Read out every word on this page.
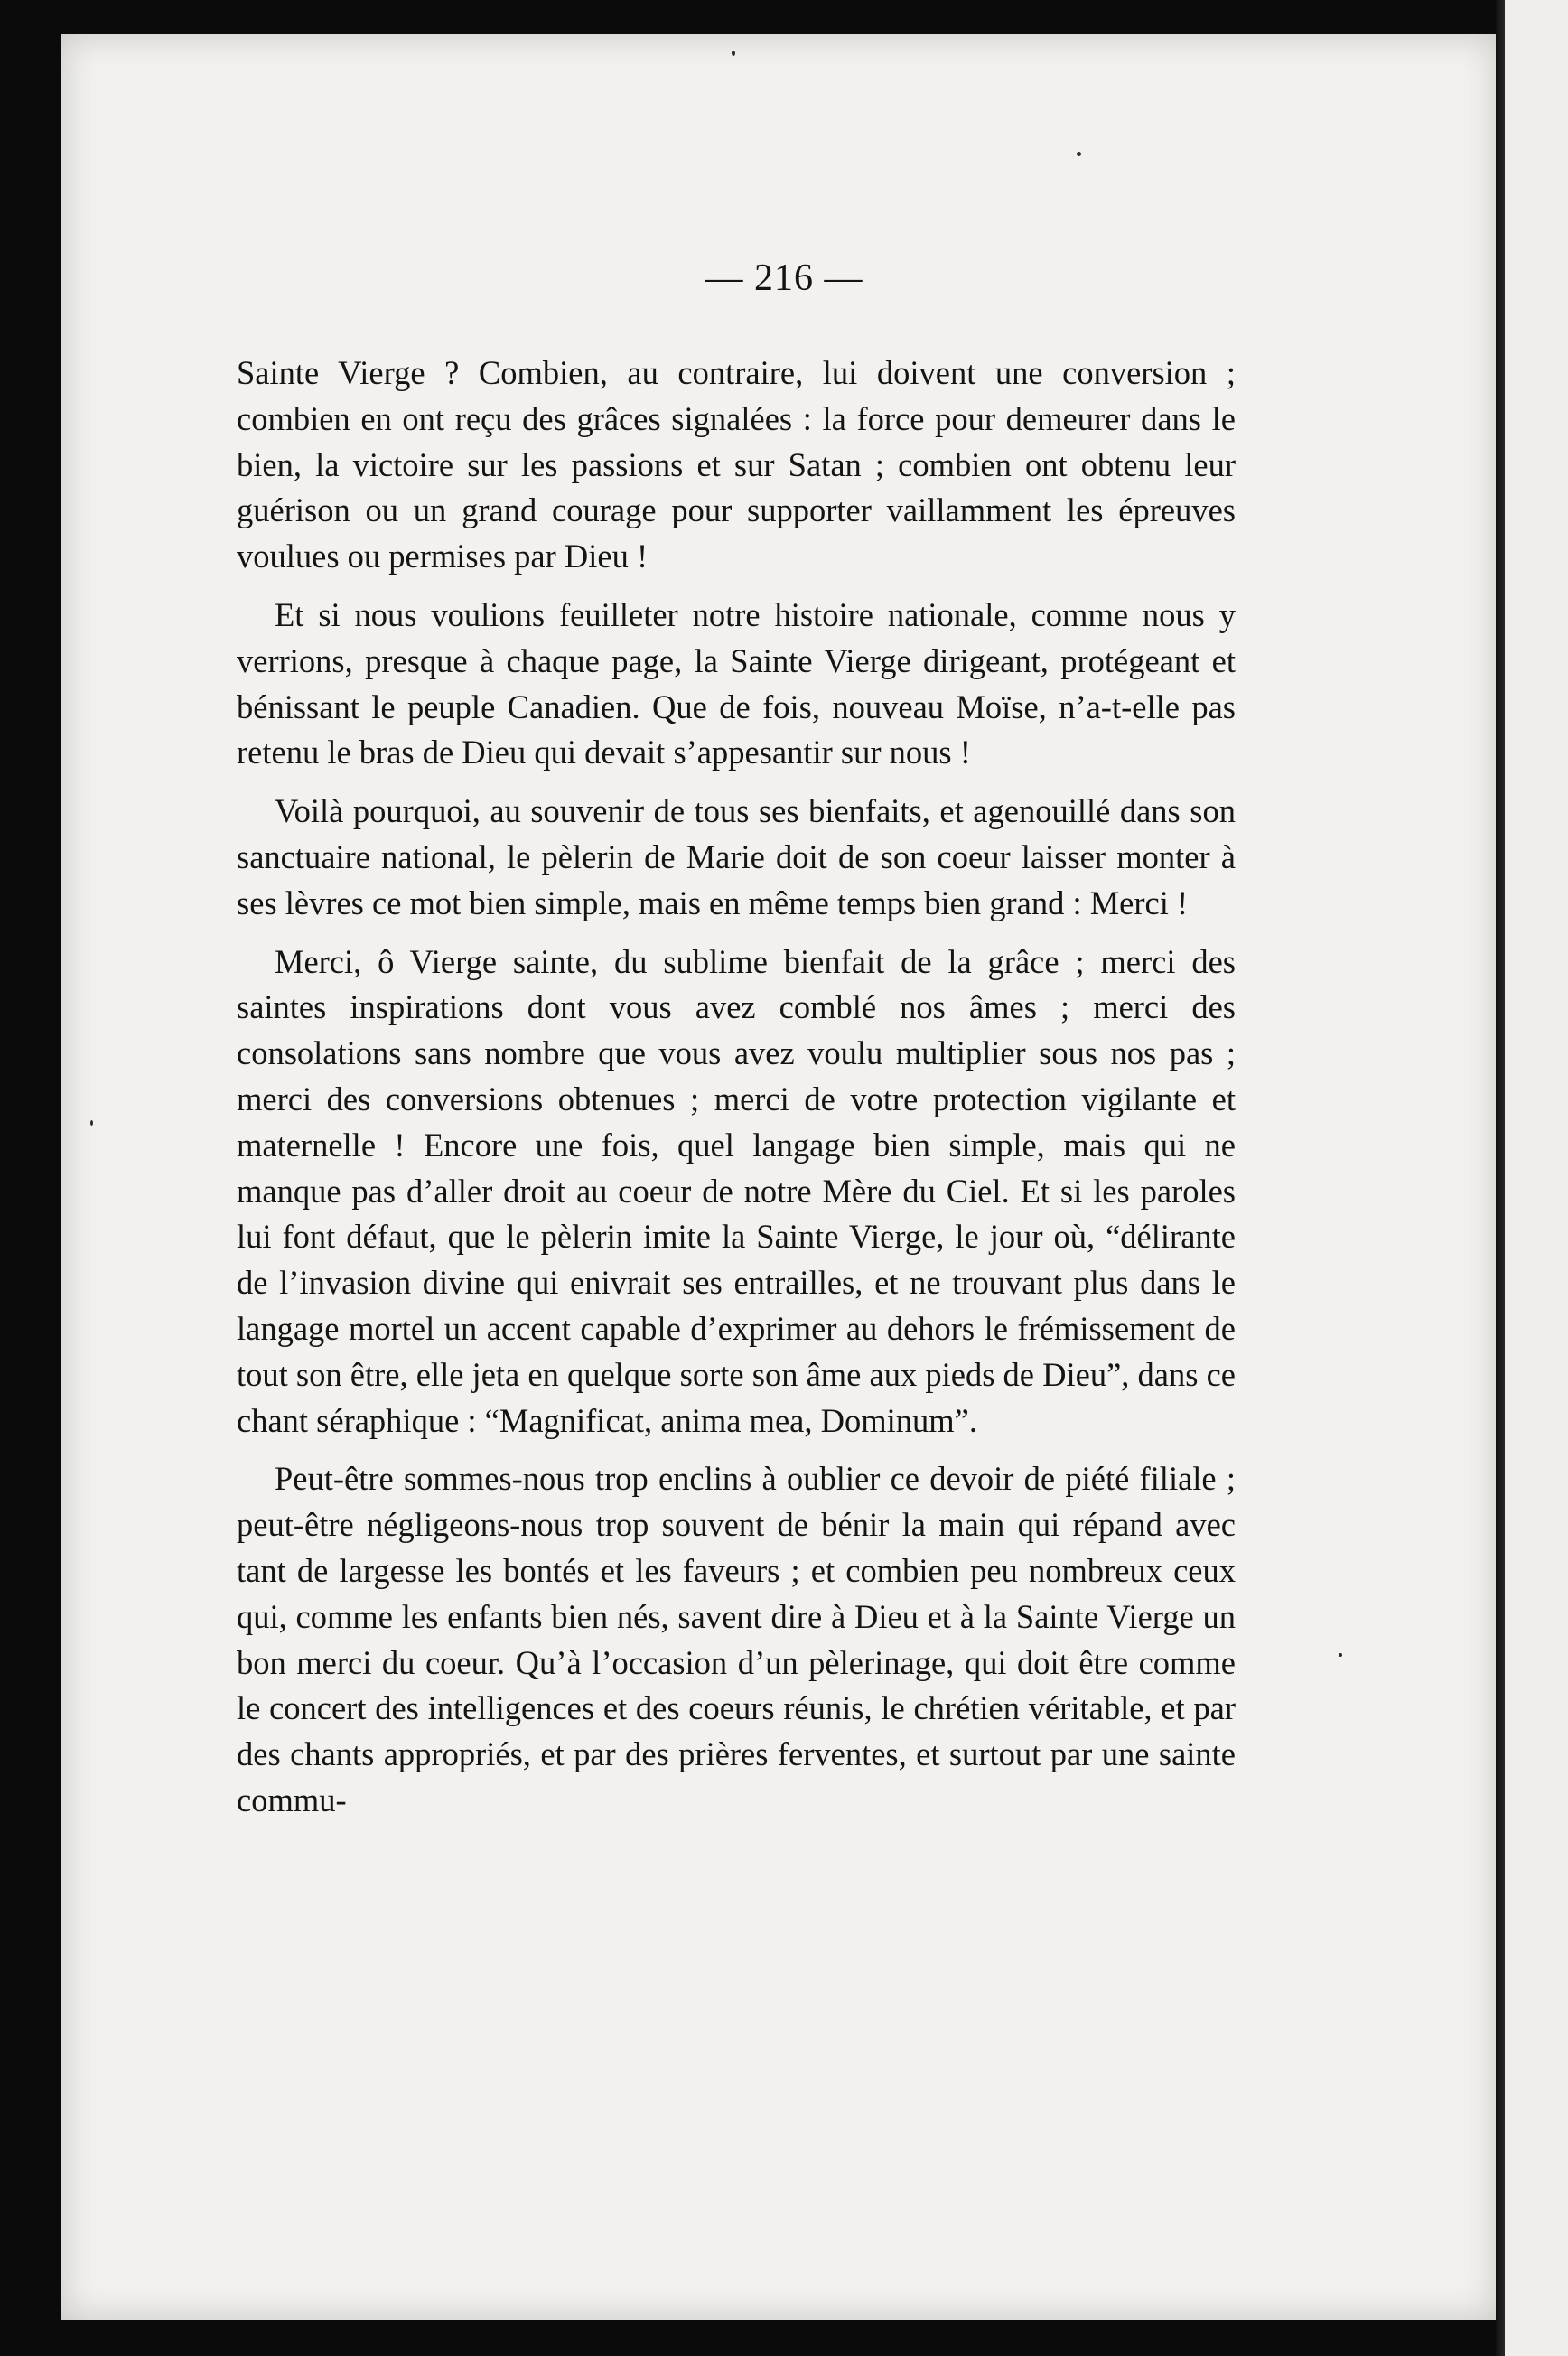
— 216 —

Sainte Vierge ? Combien, au contraire, lui doivent une conversion ; combien en ont reçu des grâces signalées : la force pour demeurer dans le bien, la victoire sur les passions et sur Satan ; combien ont obtenu leur guérison ou un grand courage pour supporter vaillamment les épreuves voulues ou permises par Dieu !

Et si nous voulions feuilleter notre histoire nationale, comme nous y verrions, presque à chaque page, la Sainte Vierge dirigeant, protégeant et bénissant le peuple Canadien. Que de fois, nouveau Moïse, n’a-t-elle pas retenu le bras de Dieu qui devait s’appesantir sur nous !

Voilà pourquoi, au souvenir de tous ses bienfaits, et agenouillé dans son sanctuaire national, le pèlerin de Marie doit de son coeur laisser monter à ses lèvres ce mot bien simple, mais en même temps bien grand : Merci !

Merci, ô Vierge sainte, du sublime bienfait de la grâce ; merci des saintes inspirations dont vous avez comblé nos âmes ; merci des consolations sans nombre que vous avez voulu multiplier sous nos pas ; merci des conversions obtenues ; merci de votre protection vigilante et maternelle ! Encore une fois, quel langage bien simple, mais qui ne manque pas d’aller droit au coeur de notre Mère du Ciel. Et si les paroles lui font défaut, que le pèlerin imite la Sainte Vierge, le jour où, “délirante de l’invasion divine qui enivrait ses entrailles, et ne trouvant plus dans le langage mortel un accent capable d’exprimer au dehors le frémissement de tout son être, elle jeta en quelque sorte son âme aux pieds de Dieu”, dans ce chant séraphique : “Magnificat, anima mea, Dominum”.

Peut-être sommes-nous trop enclins à oublier ce devoir de piété filiale ; peut-être négligeons-nous trop souvent de bénir la main qui répand avec tant de largesse les bontés et les faveurs ; et combien peu nombreux ceux qui, comme les enfants bien nés, savent dire à Dieu et à la Sainte Vierge un bon merci du coeur. Qu’à l’occasion d’un pèlerinage, qui doit être comme le concert des intelligences et des coeurs réunis, le chrétien véritable, et par des chants appropriés, et par des prières ferventes, et surtout par une sainte commu-
